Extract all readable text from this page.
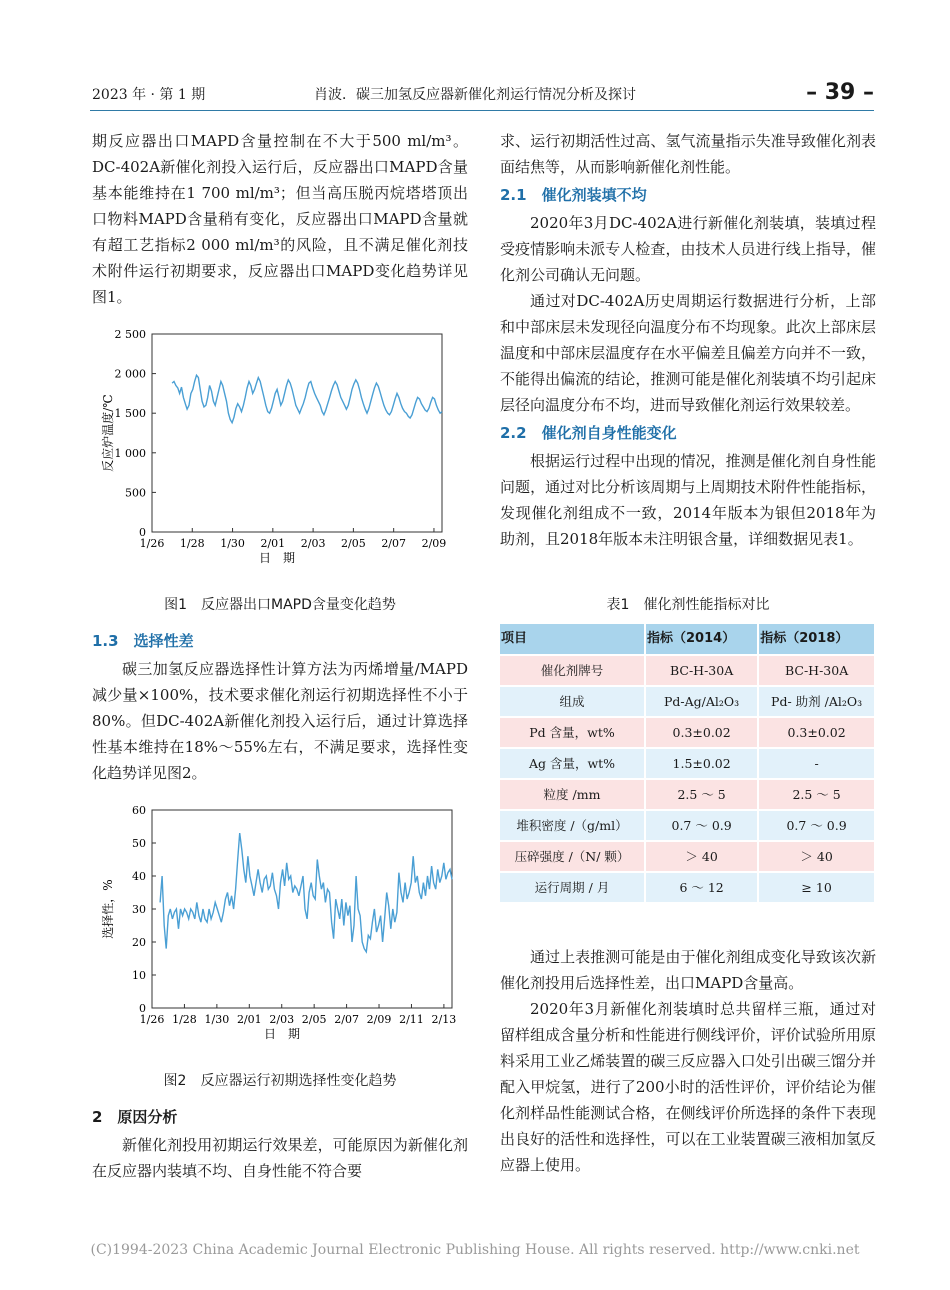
2023 年 · 第 1 期	肖波．碳三加氢反应器新催化剂运行情况分析及探讨	– 39 –

期反应器出口MAPD含量控制在不大于500 ml/m³。DC-402A新催化剂投入运行后，反应器出口MAPD含量基本能维持在1 700 ml/m³；但当高压脱丙烷塔塔顶出口物料MAPD含量稍有变化，反应器出口MAPD含量就有超工艺指标2 000 ml/m³的风险，且不满足催化剂技术附件运行初期要求，反应器出口MAPD变化趋势详见图1。

0
500
1 000
1 500
2 000
2 500
1/26 1/28 1/30 2/01 2/03 2/05 2/07 2/09
日　期
反应炉温度/℃
图1　反应器出口MAPD含量变化趋势
1.3　选择性差

碳三加氢反应器选择性计算方法为丙烯增量/MAPD减少量×100%，技术要求催化剂运行初期选择性不小于80%。但DC-402A新催化剂投入运行后，通过计算选择性基本维持在18%～55%左右，不满足要求，选择性变化趋势详见图2。

0
10
20
30
40
50
60
1/26 1/28 1/30 2/01 2/03 2/05 2/07 2/09 2/11 2/13
日　期
选择性，%
图2　反应器运行初期选择性变化趋势
2　原因分析

新催化剂投用初期运行效果差，可能原因为新催化剂在反应器内装填不均、自身性能不符合要

求、运行初期活性过高、氢气流量指示失准导致催化剂表面结焦等，从而影响新催化剂性能。

2.1　催化剂装填不均

2020年3月DC-402A进行新催化剂装填，装填过程受疫情影响未派专人检查，由技术人员进行线上指导，催化剂公司确认无问题。

通过对DC-402A历史周期运行数据进行分析，上部和中部床层未发现径向温度分布不均现象。此次上部床层温度和中部床层温度存在水平偏差且偏差方向并不一致，不能得出偏流的结论，推测可能是催化剂装填不均引起床层径向温度分布不均，进而导致催化剂运行效果较差。

2.2　催化剂自身性能变化

根据运行过程中出现的情况，推测是催化剂自身性能问题，通过对比分析该周期与上周期技术附件性能指标，发现催化剂组成不一致，2014年版本为银但2018年为助剂，且2018年版本未注明银含量，详细数据见表1。

表1　催化剂性能指标对比
项目	指标（2014）	指标（2018）
催化剂牌号	BC-H-30A	BC-H-30A
组成	Pd-Ag/Al₂O₃	Pd- 助剂 /Al₂O₃
Pd 含量，wt%	0.3±0.02	0.3±0.02
Ag 含量，wt%	1.5±0.02	-
粒度 /mm	2.5 ～ 5	2.5 ～ 5
堆积密度 /（g/ml）	0.7 ～ 0.9	0.7 ～ 0.9
压碎强度 /（N/ 颗）	＞ 40	＞ 40
运行周期 / 月	6 ～ 12	≥ 10

通过上表推测可能是由于催化剂组成变化导致该次新催化剂投用后选择性差，出口MAPD含量高。

2020年3月新催化剂装填时总共留样三瓶，通过对留样组成含量分析和性能进行侧线评价，评价试验所用原料采用工业乙烯装置的碳三反应器入口处引出碳三馏分并配入甲烷氢，进行了200小时的活性评价，评价结论为催化剂样品性能测试合格，在侧线评价所选择的条件下表现出良好的活性和选择性，可以在工业装置碳三液相加氢反应器上使用。

(C)1994-2023 China Academic Journal Electronic Publishing House. All rights reserved. http://www.cnki.net
